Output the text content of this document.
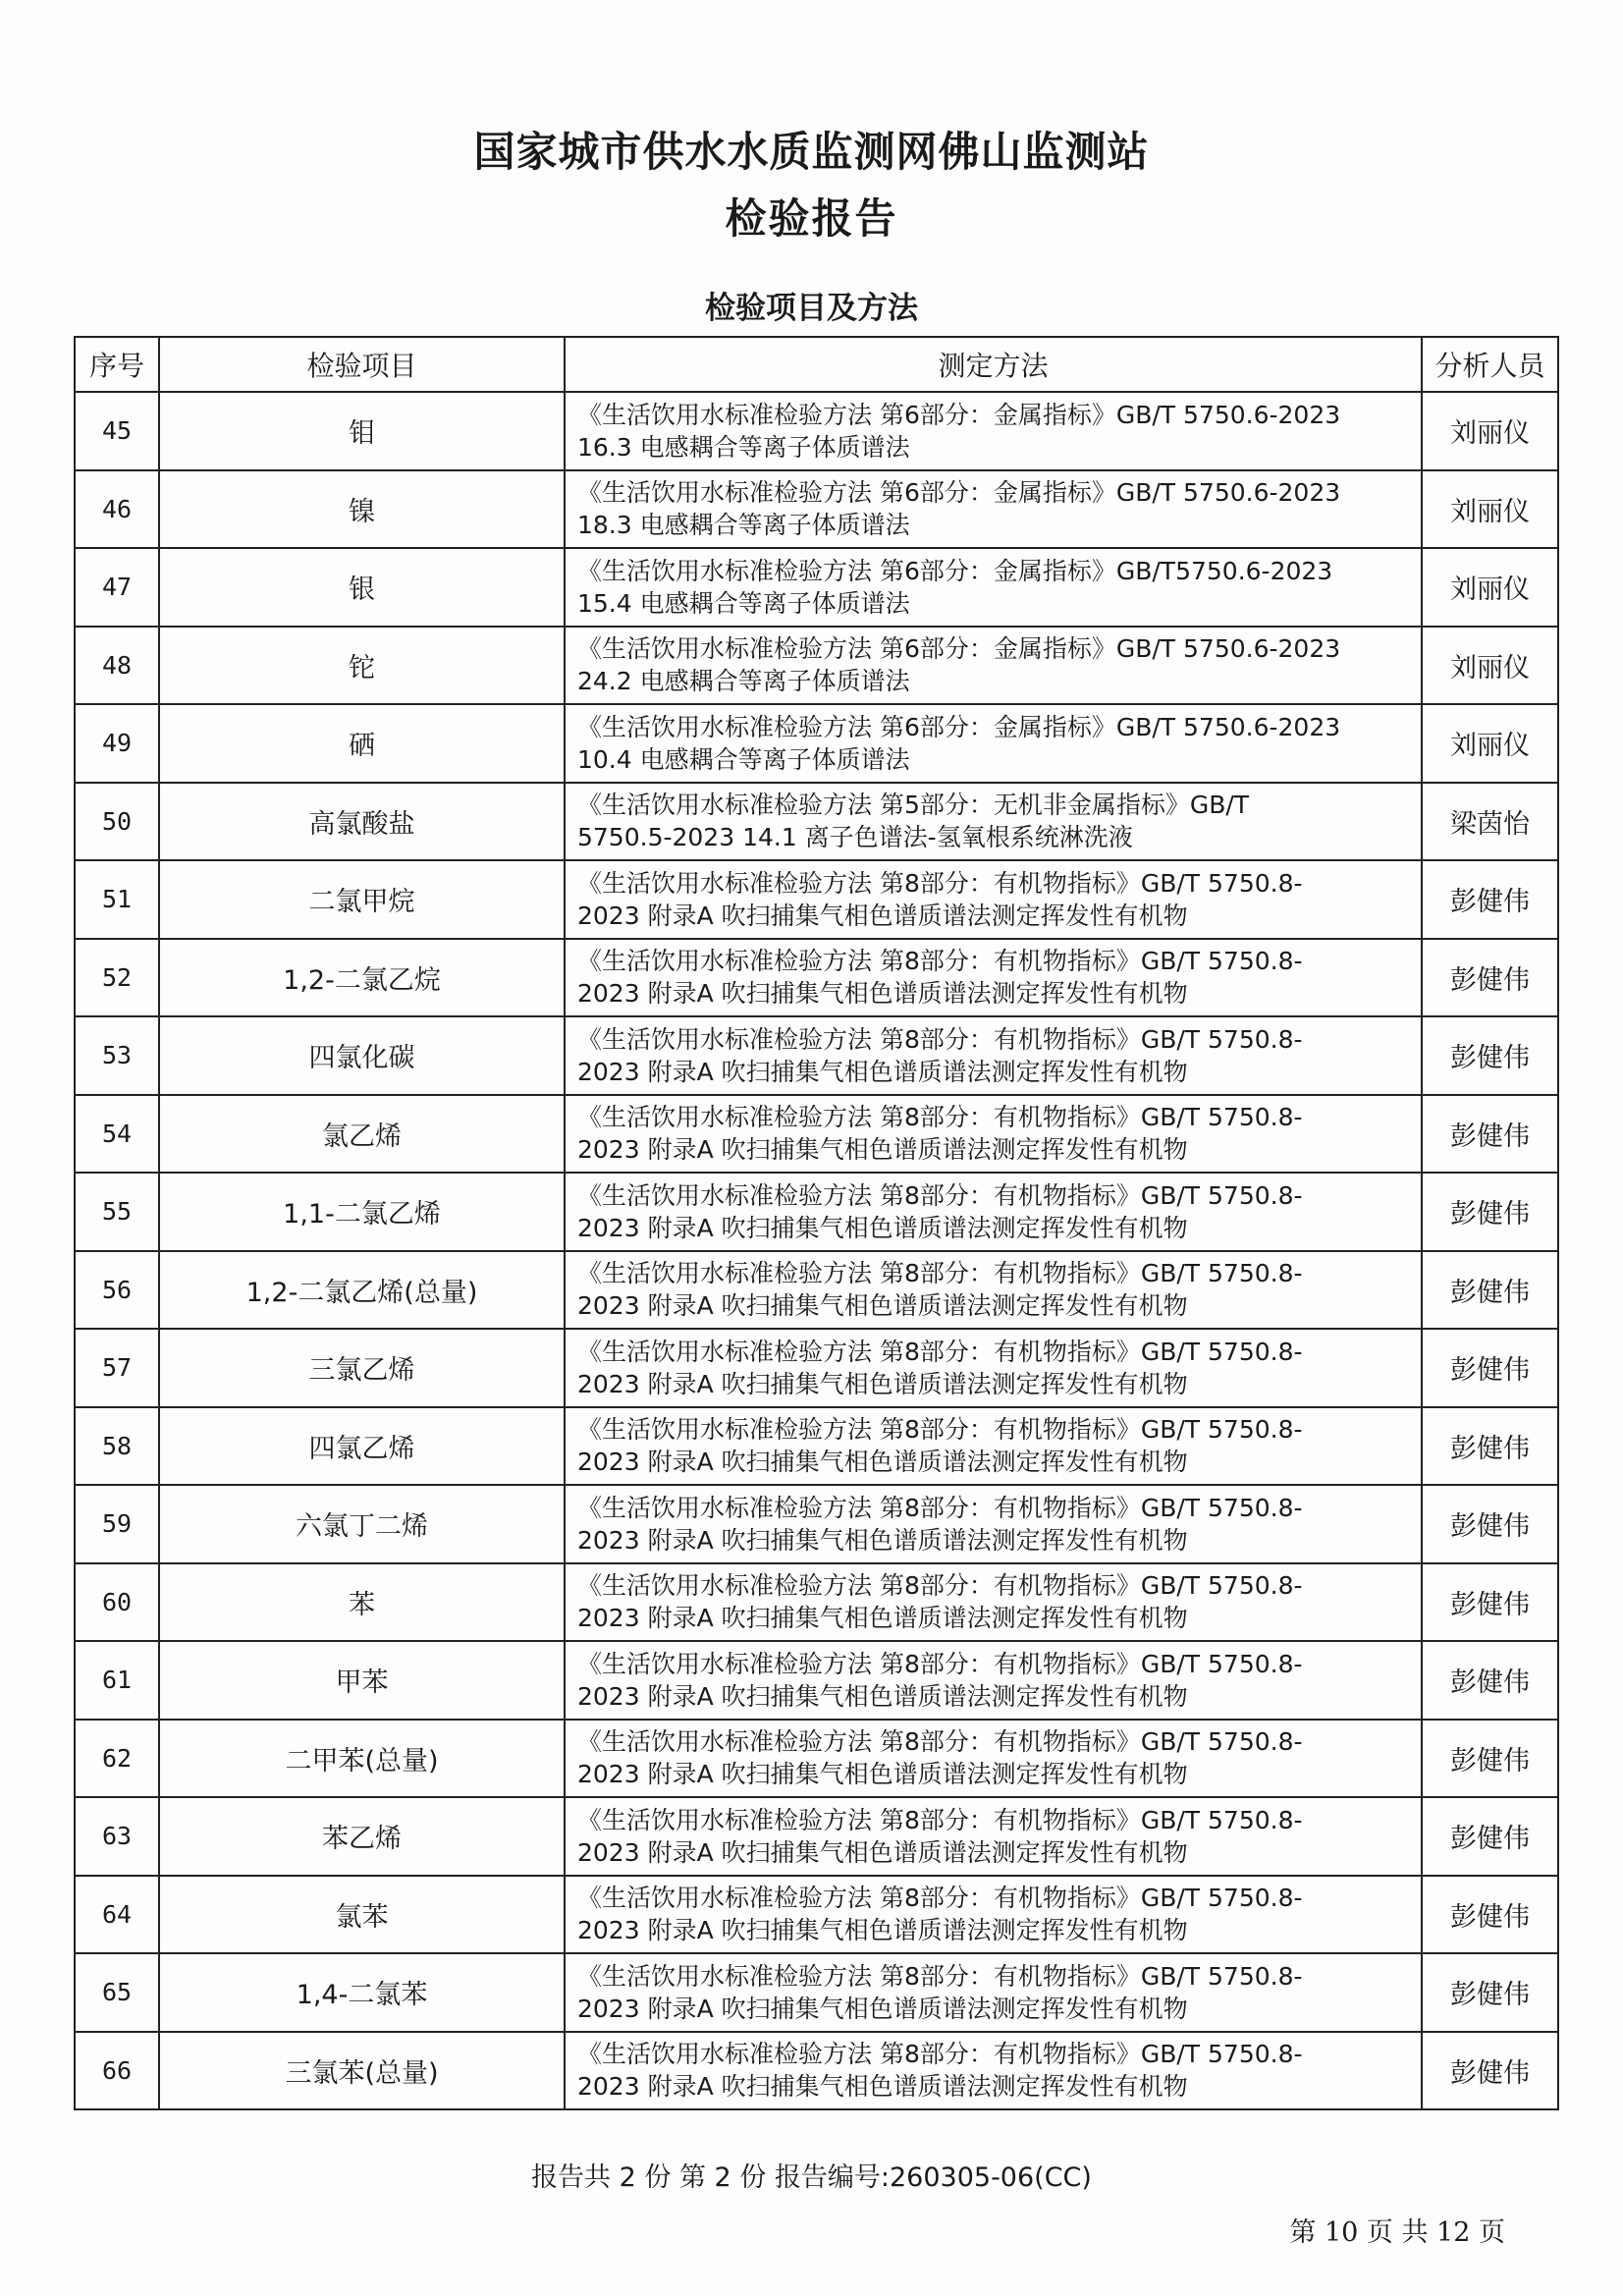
国家城市供水水质监测网佛山监测站
检验报告
检验项目及方法
序号	检验项目	测定方法	分析人员
45	钼	《生活饮用水标准检验方法 第6部分：金属指标》GB/T 5750.6-2023
16.3 电感耦合等离子体质谱法	刘丽仪
46	镍	《生活饮用水标准检验方法 第6部分：金属指标》GB/T 5750.6-2023
18.3 电感耦合等离子体质谱法	刘丽仪
47	银	《生活饮用水标准检验方法 第6部分：金属指标》GB/T5750.6-2023
15.4 电感耦合等离子体质谱法	刘丽仪
48	铊	《生活饮用水标准检验方法 第6部分：金属指标》GB/T 5750.6-2023
24.2 电感耦合等离子体质谱法	刘丽仪
49	硒	《生活饮用水标准检验方法 第6部分：金属指标》GB/T 5750.6-2023
10.4 电感耦合等离子体质谱法	刘丽仪
50	高氯酸盐	《生活饮用水标准检验方法 第5部分：无机非金属指标》GB/T
5750.5-2023 14.1 离子色谱法-氢氧根系统淋洗液	梁茵怡
51	二氯甲烷	《生活饮用水标准检验方法 第8部分：有机物指标》GB/T 5750.8-
2023 附录A 吹扫捕集气相色谱质谱法测定挥发性有机物	彭健伟
52	1,2-二氯乙烷	《生活饮用水标准检验方法 第8部分：有机物指标》GB/T 5750.8-
2023 附录A 吹扫捕集气相色谱质谱法测定挥发性有机物	彭健伟
53	四氯化碳	《生活饮用水标准检验方法 第8部分：有机物指标》GB/T 5750.8-
2023 附录A 吹扫捕集气相色谱质谱法测定挥发性有机物	彭健伟
54	氯乙烯	《生活饮用水标准检验方法 第8部分：有机物指标》GB/T 5750.8-
2023 附录A 吹扫捕集气相色谱质谱法测定挥发性有机物	彭健伟
55	1,1-二氯乙烯	《生活饮用水标准检验方法 第8部分：有机物指标》GB/T 5750.8-
2023 附录A 吹扫捕集气相色谱质谱法测定挥发性有机物	彭健伟
56	1,2-二氯乙烯(总量)	《生活饮用水标准检验方法 第8部分：有机物指标》GB/T 5750.8-
2023 附录A 吹扫捕集气相色谱质谱法测定挥发性有机物	彭健伟
57	三氯乙烯	《生活饮用水标准检验方法 第8部分：有机物指标》GB/T 5750.8-
2023 附录A 吹扫捕集气相色谱质谱法测定挥发性有机物	彭健伟
58	四氯乙烯	《生活饮用水标准检验方法 第8部分：有机物指标》GB/T 5750.8-
2023 附录A 吹扫捕集气相色谱质谱法测定挥发性有机物	彭健伟
59	六氯丁二烯	《生活饮用水标准检验方法 第8部分：有机物指标》GB/T 5750.8-
2023 附录A 吹扫捕集气相色谱质谱法测定挥发性有机物	彭健伟
60	苯	《生活饮用水标准检验方法 第8部分：有机物指标》GB/T 5750.8-
2023 附录A 吹扫捕集气相色谱质谱法测定挥发性有机物	彭健伟
61	甲苯	《生活饮用水标准检验方法 第8部分：有机物指标》GB/T 5750.8-
2023 附录A 吹扫捕集气相色谱质谱法测定挥发性有机物	彭健伟
62	二甲苯(总量)	《生活饮用水标准检验方法 第8部分：有机物指标》GB/T 5750.8-
2023 附录A 吹扫捕集气相色谱质谱法测定挥发性有机物	彭健伟
63	苯乙烯	《生活饮用水标准检验方法 第8部分：有机物指标》GB/T 5750.8-
2023 附录A 吹扫捕集气相色谱质谱法测定挥发性有机物	彭健伟
64	氯苯	《生活饮用水标准检验方法 第8部分：有机物指标》GB/T 5750.8-
2023 附录A 吹扫捕集气相色谱质谱法测定挥发性有机物	彭健伟
65	1,4-二氯苯	《生活饮用水标准检验方法 第8部分：有机物指标》GB/T 5750.8-
2023 附录A 吹扫捕集气相色谱质谱法测定挥发性有机物	彭健伟
66	三氯苯(总量)	《生活饮用水标准检验方法 第8部分：有机物指标》GB/T 5750.8-
2023 附录A 吹扫捕集气相色谱质谱法测定挥发性有机物	彭健伟
报告共 2 份 第 2 份 报告编号:260305-06(CC)
第 10 页 共 12 页
